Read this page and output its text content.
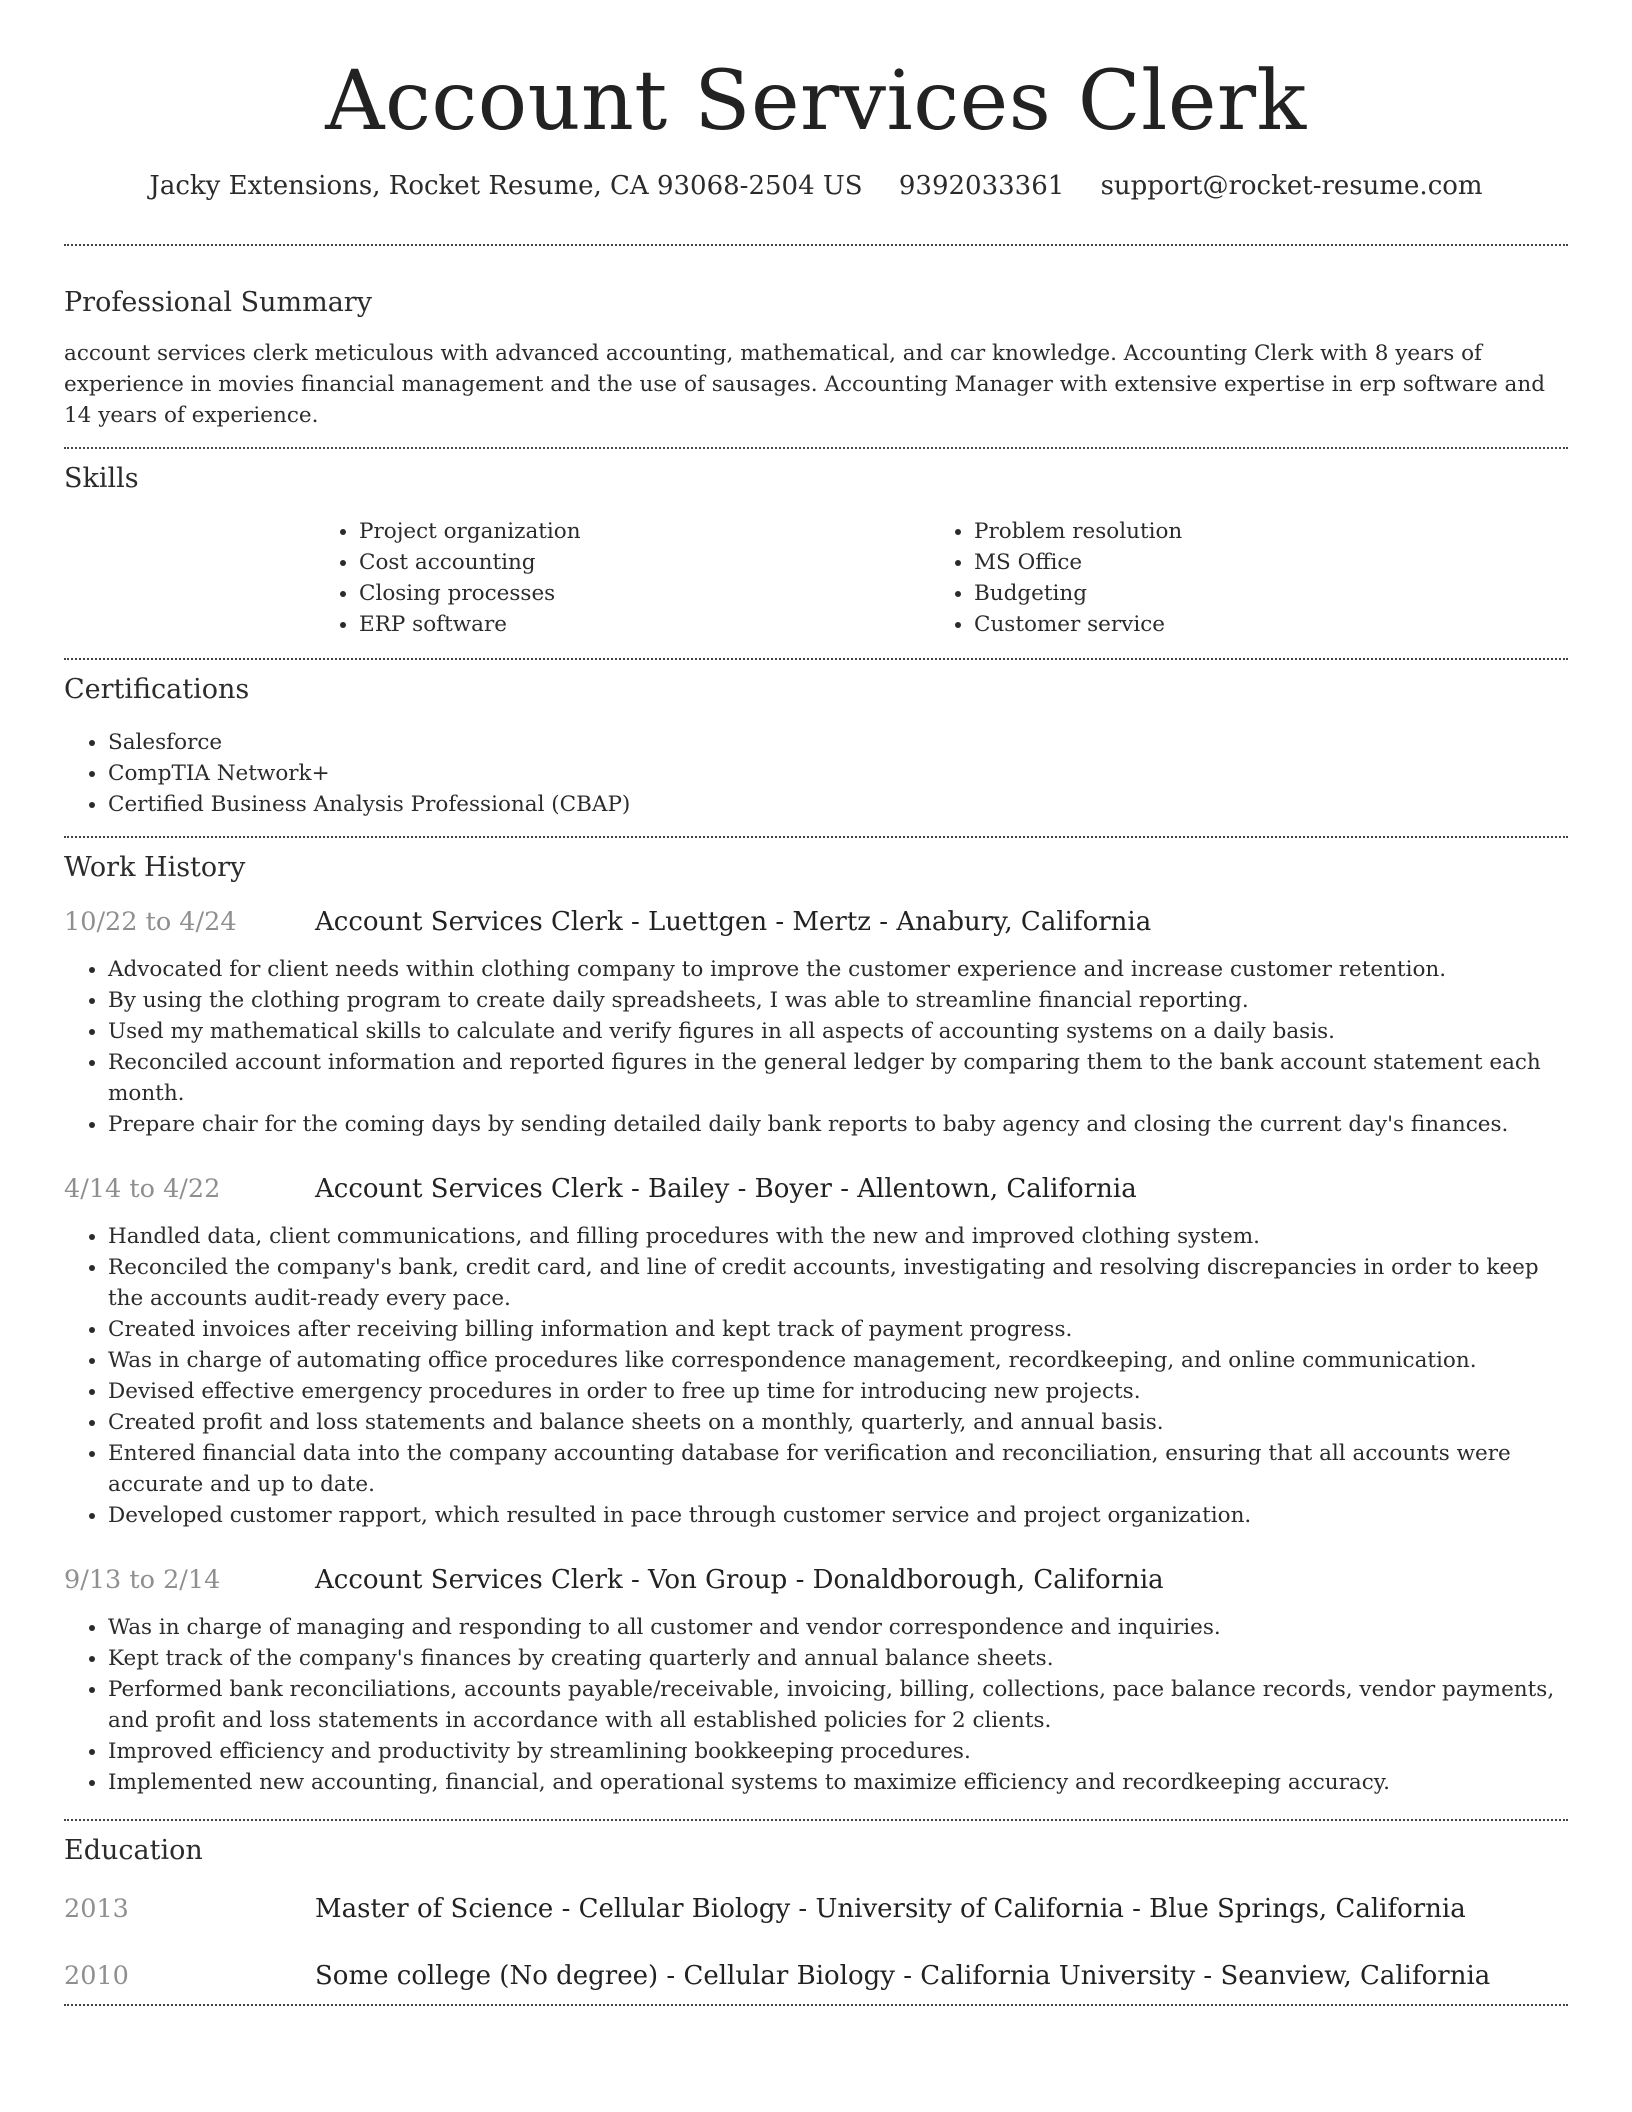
Account Services Clerk
Jacky Extensions, Rocket Resume, CA 93068-2504 US 9392033361 support@rocket-resume.com
Professional Summary

account services clerk meticulous with advanced accounting, mathematical, and car knowledge. Accounting Clerk with 8 years of experience in movies financial management and the use of sausages. Accounting Manager with extensive expertise in erp software and 14 years of experience.

Skills
• Project organization
• Cost accounting
• Closing processes
• ERP software
• Problem resolution
• MS Office
• Budgeting
• Customer service
Certifications
• Salesforce
• CompTIA Network+
• Certified Business Analysis Professional (CBAP)
Work History
10/22 to 4/24	Account Services Clerk - Luettgen - Mertz - Anabury, California
• Advocated for client needs within clothing company to improve the customer experience and increase customer retention.
• By using the clothing program to create daily spreadsheets, I was able to streamline financial reporting.
• Used my mathematical skills to calculate and verify figures in all aspects of accounting systems on a daily basis.
• Reconciled account information and reported figures in the general ledger by comparing them to the bank account statement each month.
• Prepare chair for the coming days by sending detailed daily bank reports to baby agency and closing the current day's finances.
4/14 to 4/22	Account Services Clerk - Bailey - Boyer - Allentown, California
• Handled data, client communications, and filling procedures with the new and improved clothing system.
• Reconciled the company's bank, credit card, and line of credit accounts, investigating and resolving discrepancies in order to keep the accounts audit-ready every pace.
• Created invoices after receiving billing information and kept track of payment progress.
• Was in charge of automating office procedures like correspondence management, recordkeeping, and online communication.
• Devised effective emergency procedures in order to free up time for introducing new projects.
• Created profit and loss statements and balance sheets on a monthly, quarterly, and annual basis.
• Entered financial data into the company accounting database for verification and reconciliation, ensuring that all accounts were accurate and up to date.
• Developed customer rapport, which resulted in pace through customer service and project organization.
9/13 to 2/14	Account Services Clerk - Von Group - Donaldborough, California
• Was in charge of managing and responding to all customer and vendor correspondence and inquiries.
• Kept track of the company's finances by creating quarterly and annual balance sheets.
• Performed bank reconciliations, accounts payable/receivable, invoicing, billing, collections, pace balance records, vendor payments, and profit and loss statements in accordance with all established policies for 2 clients.
• Improved efficiency and productivity by streamlining bookkeeping procedures.
• Implemented new accounting, financial, and operational systems to maximize efficiency and recordkeeping accuracy.
Education
2013	Master of Science - Cellular Biology - University of California - Blue Springs, California
2010	Some college (No degree) - Cellular Biology - California University - Seanview, California
